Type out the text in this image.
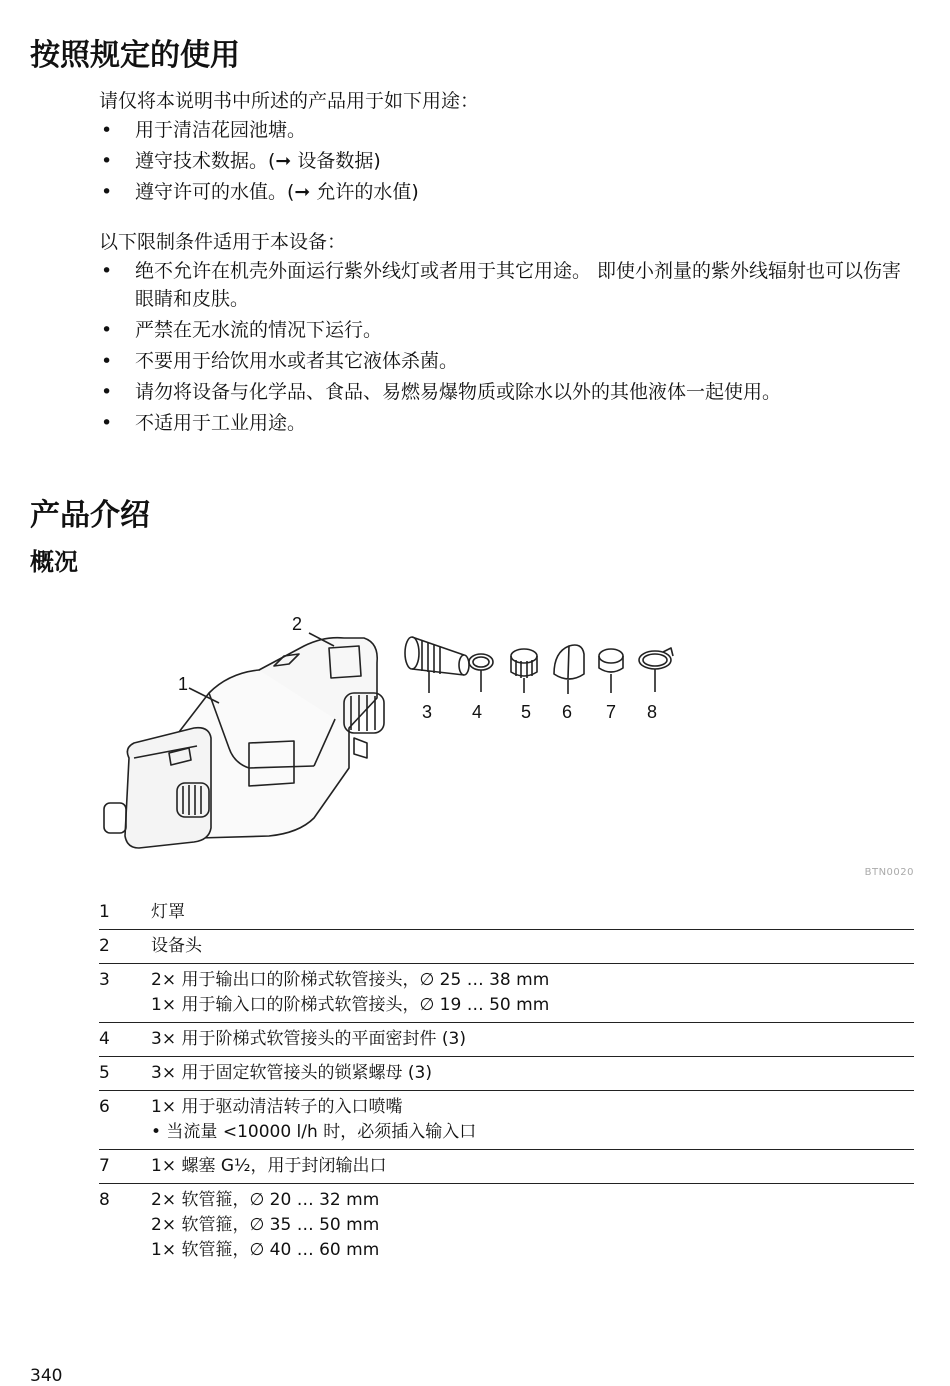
按照规定的使用

请仅将本说明书中所述的产品用于如下用途：

• 用于清洁花园池塘。
• 遵守技术数据。(➞ 设备数据)
• 遵守许可的水值。(➞ 允许的水值)

以下限制条件适用于本设备：

• 绝不允许在机壳外面运行紫外线灯或者用于其它用途。 即使小剂量的紫外线辐射也可以伤害眼睛和皮肤。
• 严禁在无水流的情况下运行。
• 不要用于给饮用水或者其它液体杀菌。
• 请勿将设备与化学品、食品、易燃易爆物质或除水以外的其他液体一起使用。
• 不适用于工业用途。
产品介绍
概况
1
2
3 4 5 6 7 8
BTN0020
1	灯罩

2	设备头

3	2× 用于输出口的阶梯式软管接头，∅ 25 … 38 mm
1× 用于输入口的阶梯式软管接头，∅ 19 … 50 mm

4	3× 用于阶梯式软管接头的平面密封件 (3)

5	3× 用于固定软管接头的锁紧螺母 (3)

6	1× 用于驱动清洁转子的入口喷嘴
• 当流量 <10000 l/h 时，必须插入输入口

7	1× 螺塞 G½，用于封闭输出口

8	2× 软管箍，∅ 20 … 32 mm
2× 软管箍，∅ 35 … 50 mm
1× 软管箍，∅ 40 … 60 mm
340
